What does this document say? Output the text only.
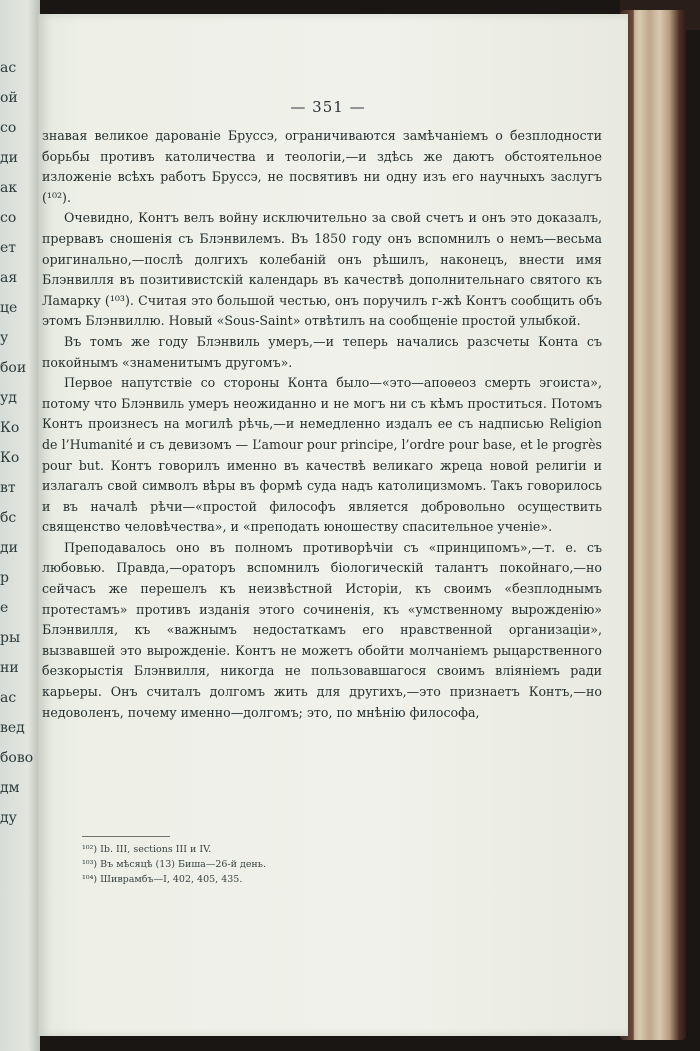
ас
ой
со
ди
ак
со
ет
ая
це
у
бои
уд
Ко
Ко
вт
бс
ди
р
е
ры
ни
ас
вед
бово
дм
ду
— 351 —

знавая великое дарованіе Бруссэ, ограничиваются замѣчаніемъ о безплодности борьбы противъ католичества и теологіи,—и здѣсь же даютъ обстоятельное изложеніе всѣхъ работъ Бруссэ, не посвятивъ ни одну изъ его научныхъ заслугъ (¹⁰²).

Очевидно, Контъ велъ войну исключительно за свой счетъ и онъ это доказалъ, прервавъ сношенія съ Блэнвилемъ. Въ 1850 году онъ вспомнилъ о немъ—весьма оригинально,—послѣ долгихъ колебаній онъ рѣшилъ, наконецъ, внести имя Блэнвилля въ позитивистскій календарь въ качествѣ дополнительнаго святого къ Ламарку (¹⁰³). Считая это большой честью, онъ поручилъ г-жѣ Контъ сообщить объ этомъ Блэнвиллю. Новый «Sous-Saint» отвѣтилъ на сообщеніе простой улыбкой.

Въ томъ же году Блэнвиль умеръ,—и теперь начались разсчеты Конта съ покойнымъ «знаменитымъ другомъ».

Первое напутствіе со стороны Конта было—«это—апоѳеоз смерть эгоиста», потому что Блэнвиль умеръ неожиданно и не могъ ни съ кѣмъ проститься. Потомъ Контъ произнесъ на могилѣ рѣчь,—и немедленно издалъ ее съ надписью Religion de l’Humanité и съ девизомъ — L’amour pour principe, l’ordre pour base, et le progrès pour but. Контъ говорилъ именно въ качествѣ великаго жреца новой религіи и излагалъ свой символъ вѣры въ формѣ суда надъ католицизмомъ. Такъ говорилось и въ началѣ рѣчи—«простой философъ является добровольно осуществить священство человѣчества», и «преподать юношеству спасительное ученіе».

Преподавалось оно въ полномъ противорѣчіи съ «принципомъ»,—т. е. съ любовью. Правда,—ораторъ вспомнилъ біологическій талантъ покойнаго,—но сейчасъ же перешелъ къ неизвѣстной Исторіи, къ своимъ «безплоднымъ протестамъ» противъ изданія этого сочиненія, къ «умственному вырожденію» Блэнвилля, къ «важнымъ недостаткамъ его нравственной организаціи», вызвавшей это вырожденіе. Контъ не можетъ обойти молчаніемъ рыцарственного безкорыстія Блэнвилля, никогда не пользовавшагося своимъ вліяніемъ ради карьеры. Онъ считалъ долгомъ жить для другихъ,—это признаетъ Контъ,—но недоволенъ, почему именно—долгомъ; это, по мнѣнію философа,

¹⁰²) Ib. III, sections III и IV.
¹⁰³) Въ мѣсяцѣ (13) Биша—26-й день.
¹⁰⁴) Шиврамбъ—I, 402, 405, 435.
